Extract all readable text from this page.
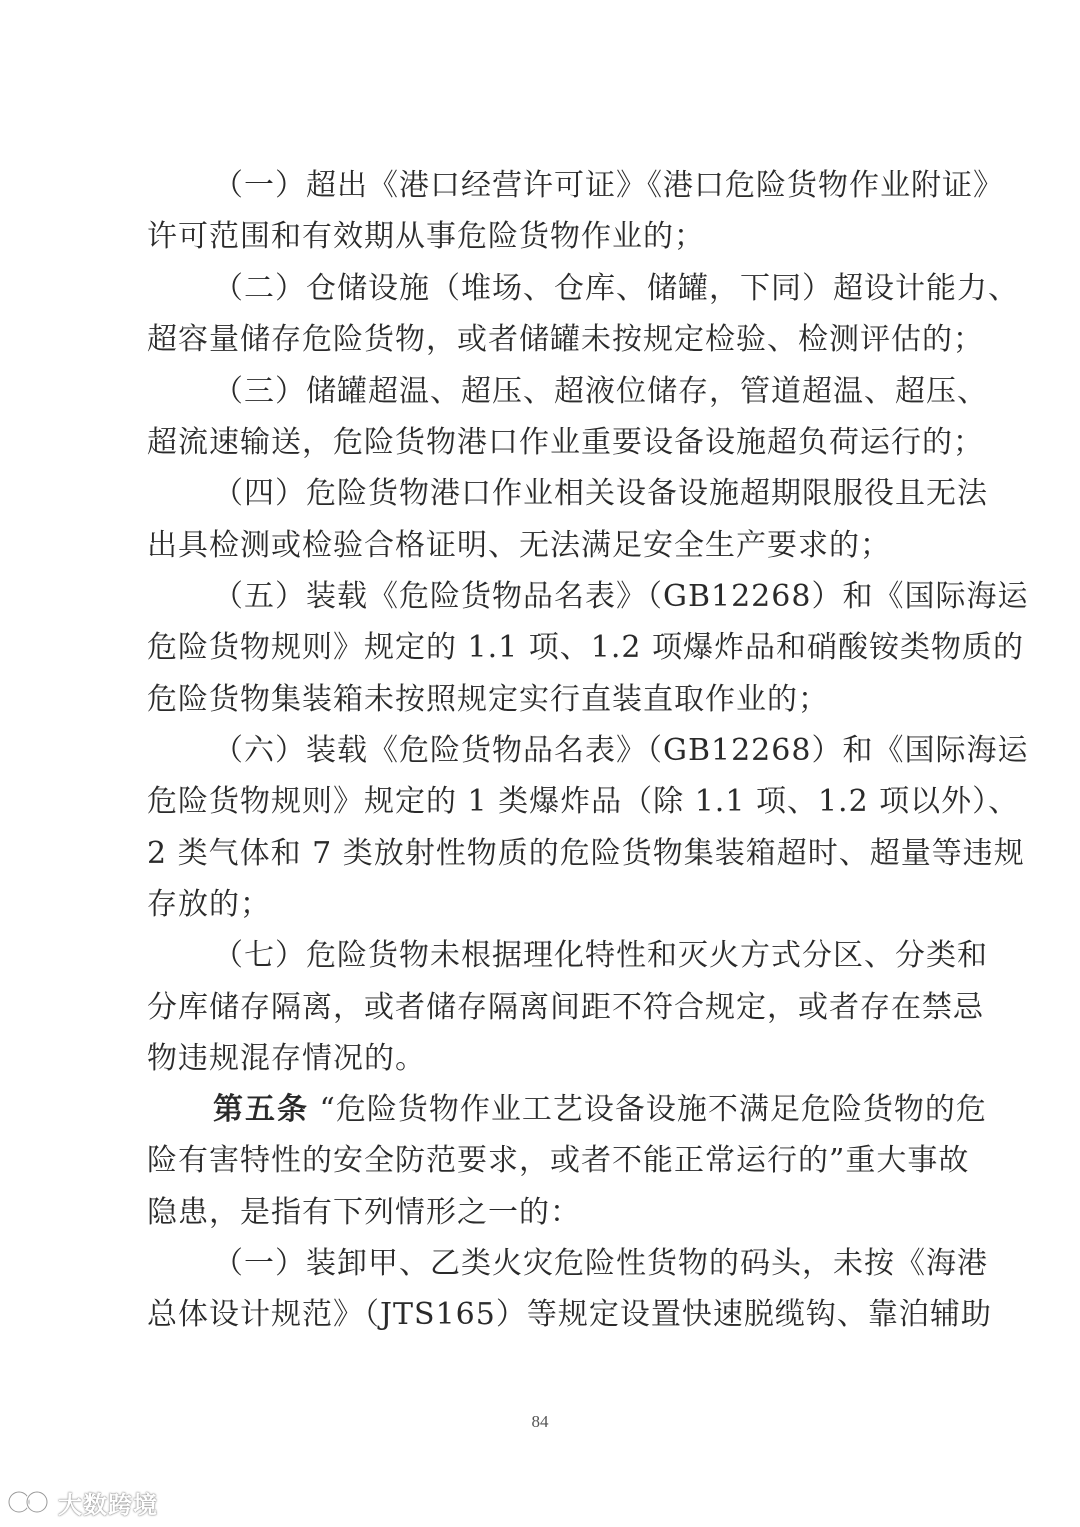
（一）超出《港口经营许可证》《港口危险货物作业附证》
许可范围和有效期从事危险货物作业的；
（二）仓储设施（堆场、仓库、储罐，下同）超设计能力、
超容量储存危险货物，或者储罐未按规定检验、检测评估的；
（三）储罐超温、超压、超液位储存，管道超温、超压、
超流速输送，危险货物港口作业重要设备设施超负荷运行的；
（四）危险货物港口作业相关设备设施超期限服役且无法
出具检测或检验合格证明、无法满足安全生产要求的；
（五）装载《危险货物品名表》（GB12268）和《国际海运
危险货物规则》规定的 1.1 项、1.2 项爆炸品和硝酸铵类物质的
危险货物集装箱未按照规定实行直装直取作业的；
（六）装载《危险货物品名表》（GB12268）和《国际海运
危险货物规则》规定的 1 类爆炸品（除 1.1 项、1.2 项以外）、
2 类气体和 7 类放射性物质的危险货物集装箱超时、超量等违规
存放的；
（七）危险货物未根据理化特性和灭火方式分区、分类和
分库储存隔离，或者储存隔离间距不符合规定，或者存在禁忌
物违规混存情况的。
第五条 “危险货物作业工艺设备设施不满足危险货物的危
险有害特性的安全防范要求，或者不能正常运行的”重大事故
隐患，是指有下列情形之一的：
（一）装卸甲、乙类火灾危险性货物的码头，未按《海港
总体设计规范》（JTS165）等规定设置快速脱缆钩、靠泊辅助
84
大数跨境
